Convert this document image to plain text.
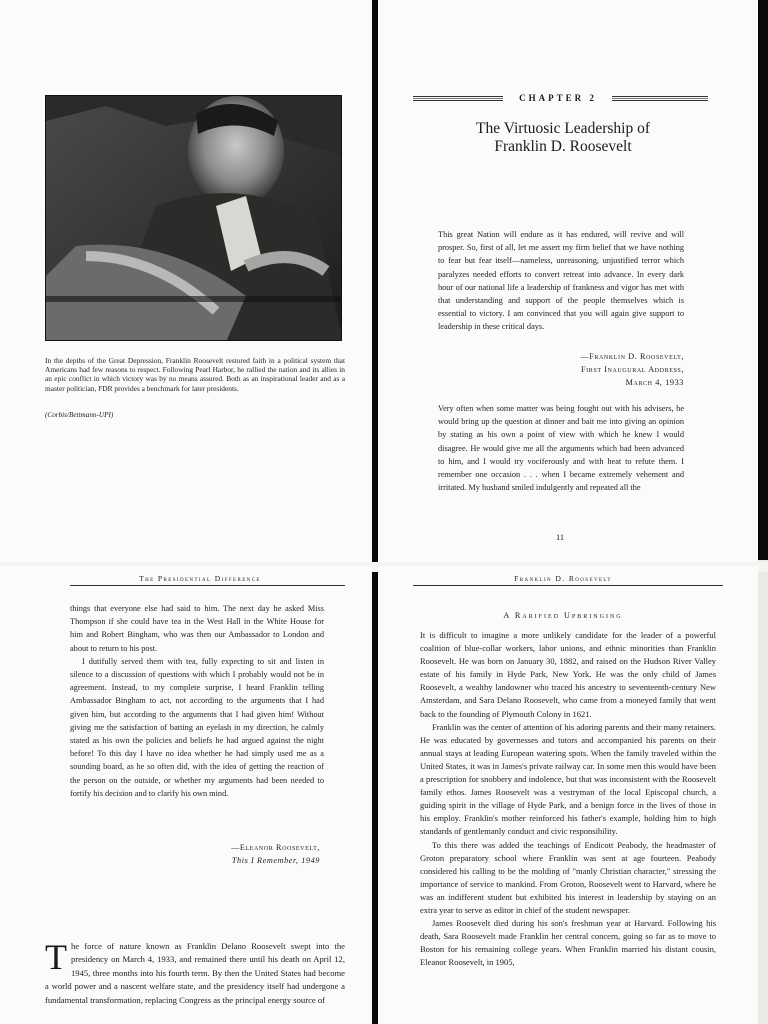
In the depths of the Great Depression, Franklin Roosevelt restored faith in a political system that Americans had few reasons to respect. Following Pearl Harbor, he rallied the nation and its allies in an epic conflict in which victory was by no means assured. Both as an inspirational leader and as a master politician, FDR provides a benchmark for later presidents.
(Corbis/Bettmann-UPI)
CHAPTER 2
The Virtuosic Leadership of
Franklin D. Roosevelt
This great Nation will endure as it has endured, will revive and will prosper. So, first of all, let me assert my firm belief that we have nothing to fear but fear itself—nameless, unreasoning, unjustified terror which paralyzes needed efforts to convert retreat into advance. In every dark hour of our national life a leadership of frankness and vigor has met with that understanding and support of the people themselves which is essential to victory. I am convinced that you will again give support to leadership in these critical days.
—Franklin D. Roosevelt,
First Inaugural Address,
March 4, 1933
Very often when some matter was being fought out with his advisers, he would bring up the question at dinner and bait me into giving an opinion by stating as his own a point of view with which he knew I would disagree. He would give me all the arguments which had been advanced to him, and I would try vociferously and with heat to refute them. I remember one occasion . . . when I became extremely vehement and irritated. My husband smiled indulgently and repeated all the
11
The Presidential Difference

things that everyone else had said to him. The next day he asked Miss Thompson if she could have tea in the West Hall in the White House for him and Robert Bingham, who was then our Ambassador to London and about to return to his post.

I dutifully served them with tea, fully expecting to sit and listen in silence to a discussion of questions with which I probably would not be in agreement. Instead, to my complete surprise, I heard Franklin telling Ambassador Bingham to act, not according to the arguments that I had given him, but according to the arguments that I had given him! Without giving me the satisfaction of batting an eyelash in my direction, he calmly stated as his own the policies and beliefs he had argued against the night before! To this day I have no idea whether he had simply used me as a sounding board, as he so often did, with the idea of getting the reaction of the person on the outside, or whether my arguments had been needed to fortify his decision and to clarify his own mind.

—Eleanor Roosevelt,
This I Remember, 1949
T he force of nature known as Franklin Delano Roosevelt swept into the presidency on March 4, 1933, and remained there until his death on April 12, 1945, three months into his fourth term. By then the United States had become a world power and a nascent welfare state, and the presidency itself had undergone a fundamental transformation, replacing Congress as the principal energy source of
Franklin D. Roosevelt
A Rarified Upbringing

It is difficult to imagine a more unlikely candidate for the leader of a powerful coalition of blue-collar workers, labor unions, and ethnic minorities than Franklin Roosevelt. He was born on January 30, 1882, and raised on the Hudson River Valley estate of his family in Hyde Park, New York. He was the only child of James Roosevelt, a wealthy landowner who traced his ancestry to seventeenth-century New Amsterdam, and Sara Delano Roosevelt, who came from a moneyed family that went back to the founding of Plymouth Colony in 1621.

Franklin was the center of attention of his adoring parents and their many retainers. He was educated by governesses and tutors and accompanied his parents on their annual stays at leading European watering spots. When the family traveled within the United States, it was in James's private railway car. In some men this would have been a prescription for snobbery and indolence, but that was inconsistent with the Roosevelt family ethos. James Roosevelt was a vestryman of the local Episcopal church, a guiding spirit in the village of Hyde Park, and a benign force in the lives of those in his employ. Franklin's mother reinforced his father's example, holding him to high standards of gentlemanly conduct and civic responsibility.

To this there was added the teachings of Endicott Peabody, the headmaster of Groton preparatory school where Franklin was sent at age fourteen. Peabody considered his calling to be the molding of "manly Christian character," stressing the importance of service to mankind. From Groton, Roosevelt went to Harvard, where he was an indifferent student but exhibited his interest in leadership by staying on an extra year to serve as editor in chief of the student newspaper.

James Roosevelt died during his son's freshman year at Harvard. Following his death, Sara Roosevelt made Franklin her central concern, going so far as to move to Boston for his remaining college years. When Franklin married his distant cousin, Eleanor Roosevelt, in 1905,
